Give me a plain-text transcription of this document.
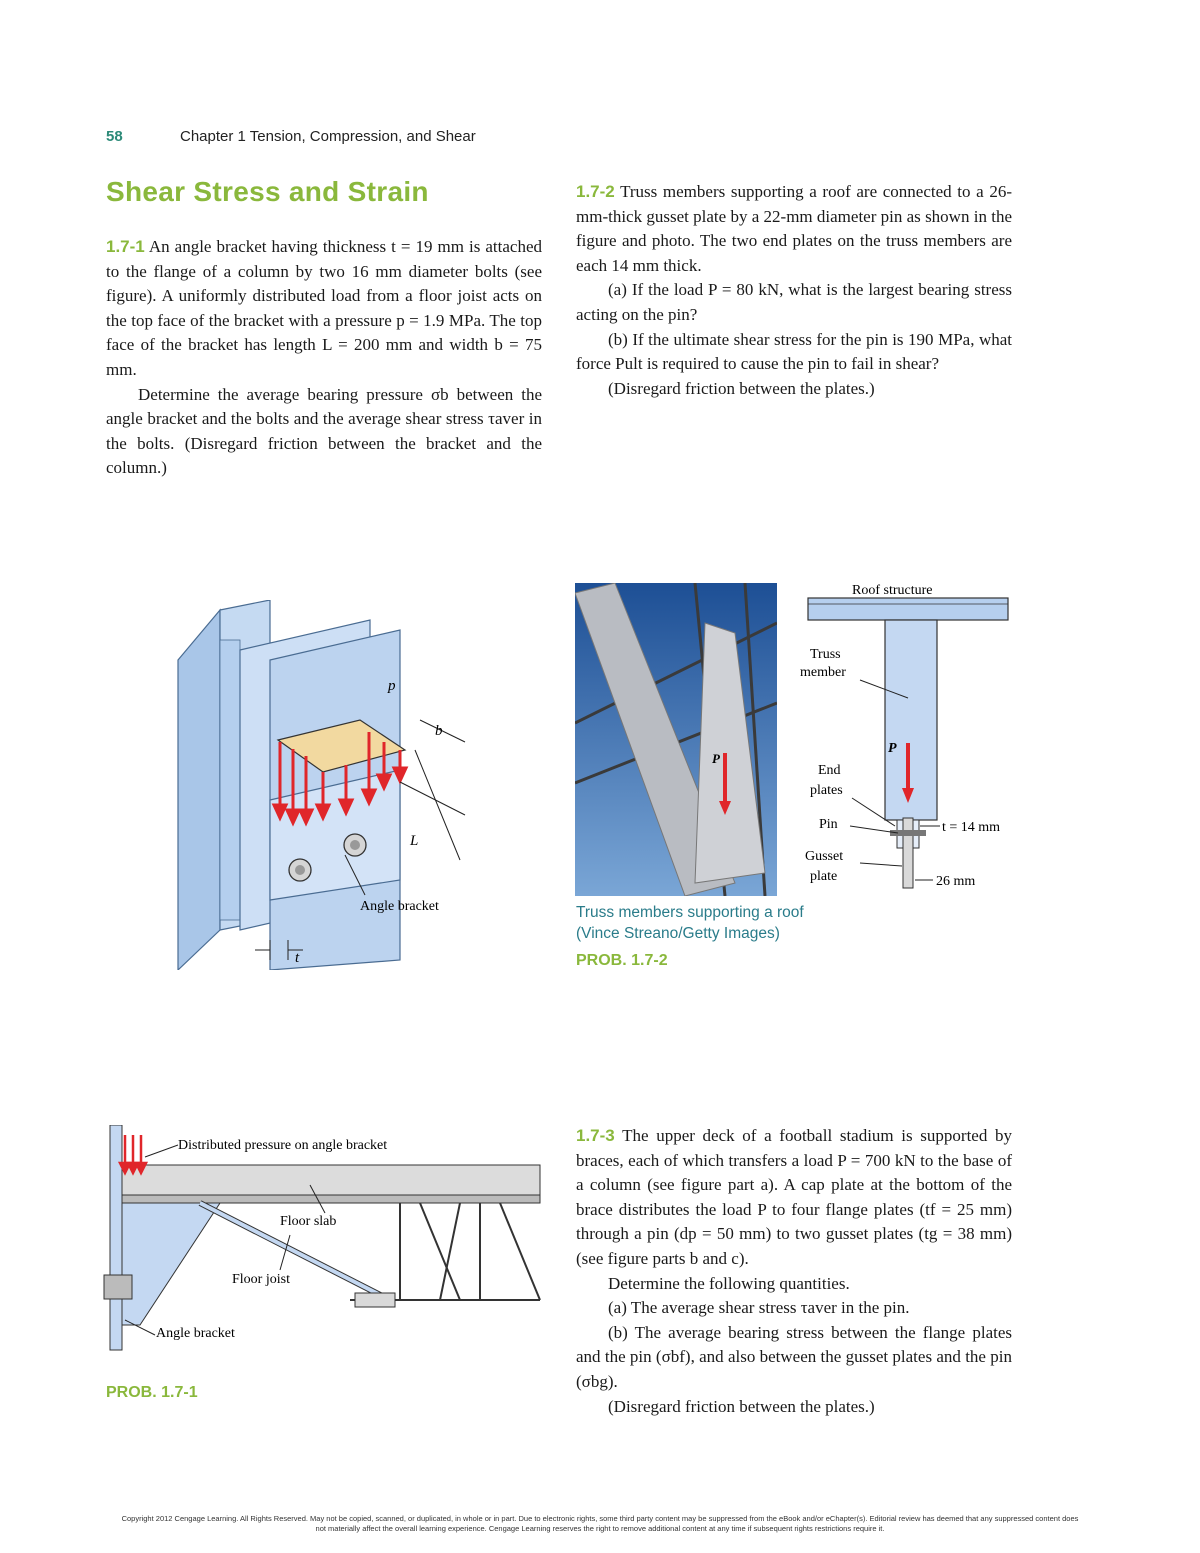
58	Chapter 1 Tension, Compression, and Shear
Shear Stress and Strain

1.7-1 An angle bracket having thickness t = 19 mm is attached to the flange of a column by two 16 mm diameter bolts (see figure). A uniformly distributed load from a floor joist acts on the top face of the bracket with a pressure p = 1.9 MPa. The top face of the bracket has length L = 200 mm and width b = 75 mm.

Determine the average bearing pressure σb between the angle bracket and the bolts and the average shear stress τaver in the bolts. (Disregard friction between the bracket and the column.)

1.7-2 Truss members supporting a roof are connected to a 26-mm-thick gusset plate by a 22-mm diameter pin as shown in the figure and photo. The two end plates on the truss members are each 14 mm thick.

(a) If the load P = 80 kN, what is the largest bearing stress acting on the pin?

(b) If the ultimate shear stress for the pin is 190 MPa, what force Pult is required to cause the pin to fail in shear?

(Disregard friction between the plates.)

p
b
L
Angle bracket
t
P
Roof structure
Truss
member
End
plates
Pin
Gusset
plate
P
t = 14 mm
26 mm
Truss members supporting a roof
(Vince Streano/Getty Images)
PROB. 1.7-2
Distributed pressure on angle bracket
Floor slab
Floor joist
Angle bracket
PROB. 1.7-1

1.7-3 The upper deck of a football stadium is supported by braces, each of which transfers a load P = 700 kN to the base of a column (see figure part a). A cap plate at the bottom of the brace distributes the load P to four flange plates (tf = 25 mm) through a pin (dp = 50 mm) to two gusset plates (tg = 38 mm) (see figure parts b and c).

Determine the following quantities.

(a) The average shear stress τaver in the pin.

(b) The average bearing stress between the flange plates and the pin (σbf), and also between the gusset plates and the pin (σbg).

(Disregard friction between the plates.)

Copyright 2012 Cengage Learning. All Rights Reserved. May not be copied, scanned, or duplicated, in whole or in part. Due to electronic rights, some third party content may be suppressed from the eBook and/or eChapter(s). Editorial review has deemed that any suppressed content does not materially affect the overall learning experience. Cengage Learning reserves the right to remove additional content at any time if subsequent rights restrictions require it.
